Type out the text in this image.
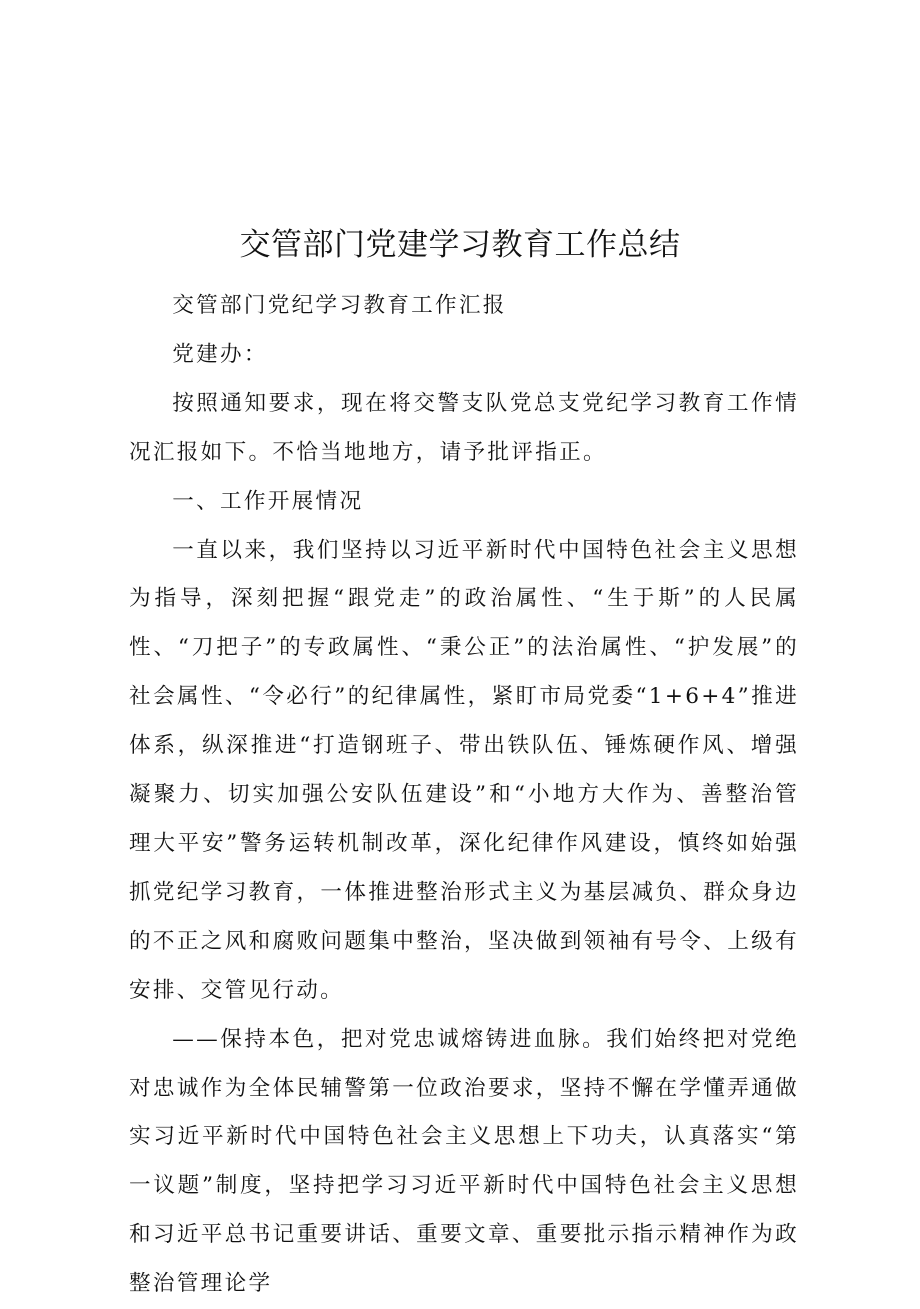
交管部门党建学习教育工作总结

交管部门党纪学习教育工作汇报

党建办：

按照通知要求，现在将交警支队党总支党纪学习教育工作情况汇报如下。不恰当地地方，请予批评指正。

一、工作开展情况

一直以来，我们坚持以习近平新时代中国特色社会主义思想为指导，深刻把握“跟党走”的政治属性、“生于斯”的人民属性、“刀把子”的专政属性、“秉公正”的法治属性、“护发展”的社会属性、“令必行”的纪律属性，紧盯市局党委“1+6+4”推进体系，纵深推进“打造钢班子、带出铁队伍、锤炼硬作风、增强凝聚力、切实加强公安队伍建设”和“小地方大作为、善整治管理大平安”警务运转机制改革，深化纪律作风建设，慎终如始强抓党纪学习教育，一体推进整治形式主义为基层减负、群众身边的不正之风和腐败问题集中整治，坚决做到领袖有号令、上级有安排、交管见行动。

——保持本色，把对党忠诚熔铸进血脉。我们始终把对党绝对忠诚作为全体民辅警第一位政治要求，坚持不懈在学懂弄通做实习近平新时代中国特色社会主义思想上下功夫，认真落实“第一议题”制度，坚持把学习习近平新时代中国特色社会主义思想和习近平总书记重要讲话、重要文章、重要批示指示精神作为政整治管理论学
